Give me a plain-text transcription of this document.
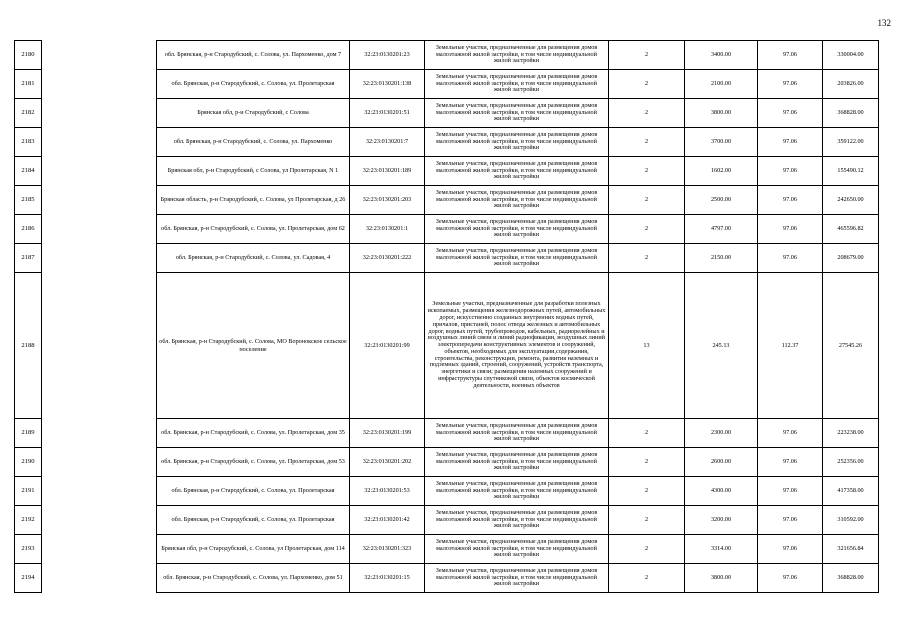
132
2180		обл. Брянская, р-н Стародубский, с. Солова, ул. Пархоменко, дом 7	32:23:0130201:23	Земельные участки, предназначенные для размещения домов малоэтажной жилой застройки, в том числе индивидуальной жилой застройки	2	3400.00	97.06	330004.00
2181		обл. Брянская, р-н Стародубский, с. Солова, ул. Пролетарская	32:23:0130201:138	Земельные участки, предназначенные для размещения домов малоэтажной жилой застройки, в том числе индивидуальной жилой застройки	2	2100.00	97.06	203826.00
2182		Брянская обл, р-н Стародубский, с Солова	32:23:0130201:51	Земельные участки, предназначенные для размещения домов малоэтажной жилой застройки, в том числе индивидуальной жилой застройки	2	3800.00	97.06	368828.00
2183		обл. Брянская, р-н Стародубский, с. Солова, ул. Пархоменко	32:23:0130201:7	Земельные участки, предназначенные для размещения домов малоэтажной жилой застройки, в том числе индивидуальной жилой застройки	2	3700.00	97.06	359122.00
2184		Брянская обл, р-н Стародубский, с Солова, ул Пролетарская, N 1	32:23:0130201:189	Земельные участки, предназначенные для размещения домов малоэтажной жилой застройки, в том числе индивидуальной жилой застройки	2	1602.00	97.06	155490.12
2185		Брянская область, р-н Стародубский, с. Солова, ул Пролетарская, д 26	32:23:0130201:203	Земельные участки, предназначенные для размещения домов малоэтажной жилой застройки, в том числе индивидуальной жилой застройки	2	2500.00	97.06	242650.00
2186		обл. Брянская, р-н Стародубский, с. Солова, ул. Пролетарская, дом 62	32:23:0130201:1	Земельные участки, предназначенные для размещения домов малоэтажной жилой застройки, в том числе индивидуальной жилой застройки	2	4797.00	97.06	465596.82
2187		обл. Брянская, р-н Стародубский, с. Солова, ул. Садовая, 4	32:23:0130201:222	Земельные участки, предназначенные для размещения домов малоэтажной жилой застройки, в том числе индивидуальной жилой застройки	2	2150.00	97.06	208679.00
2188		обл. Брянская, р-н Стародубский, с. Солова, МО Воронокское сельское поселение	32:23:0130201:99	Земельные участки, предназначенные для разработки полезных ископаемых, размещения железнодорожных путей, автомобильных дорог, искусственно созданных внутренних водных путей, причалов, пристаней, полос отвода железных и автомобильных дорог, водных путей, трубопроводов, кабельных, радиорелейных и воздушных линий связи и линий радиофикации, воздушных линий электропередачи конструктивных элементов и сооружений, объектов, необходимых для эксплуатации,содержания, строительства, реконструкции, ремонта, развития наземных и подземных зданий, строений, сооружений, устройств транспорта, энергетики и связи; размещения наземных сооружений и инфраструктуры спутниковой связи, объектов космической деятельности, военных объектов	13	245.13	112.37	27545.26
2189		обл. Брянская, р-н Стародубский, с. Солова, ул. Пролетарская, дом 35	32:23:0130201:199	Земельные участки, предназначенные для размещения домов малоэтажной жилой застройки, в том числе индивидуальной жилой застройки	2	2300.00	97.06	223238.00
2190		обл. Брянская, р-н Стародубский, с. Солова, ул. Пролетарская, дом 53	32:23:0130201:202	Земельные участки, предназначенные для размещения домов малоэтажной жилой застройки, в том числе индивидуальной жилой застройки	2	2600.00	97.06	252356.00
2191		обл. Брянская, р-н Стародубский, с. Солова, ул. Пролетарская	32:23:0130201:53	Земельные участки, предназначенные для размещения домов малоэтажной жилой застройки, в том числе индивидуальной жилой застройки	2	4300.00	97.06	417358.00
2192		обл. Брянская, р-н Стародубский, с. Солова, ул. Пролетарская	32:23:0130201:42	Земельные участки, предназначенные для размещения домов малоэтажной жилой застройки, в том числе индивидуальной жилой застройки	2	3200.00	97.06	310592.00
2193		Брянская обл, р-н Стародубский, с. Солова, ул Пролетарская, дом 114	32:23:0130201:323	Земельные участки, предназначенные для размещения домов малоэтажной жилой застройки, в том числе индивидуальной жилой застройки	2	3314.00	97.06	321656.84
2194		обл. Брянская, р-н Стародубский, с. Солова, ул. Пархоменко, дом 51	32:23:0130201:15	Земельные участки, предназначенные для размещения домов малоэтажной жилой застройки, в том числе индивидуальной жилой застройки	2	3800.00	97.06	368828.00
